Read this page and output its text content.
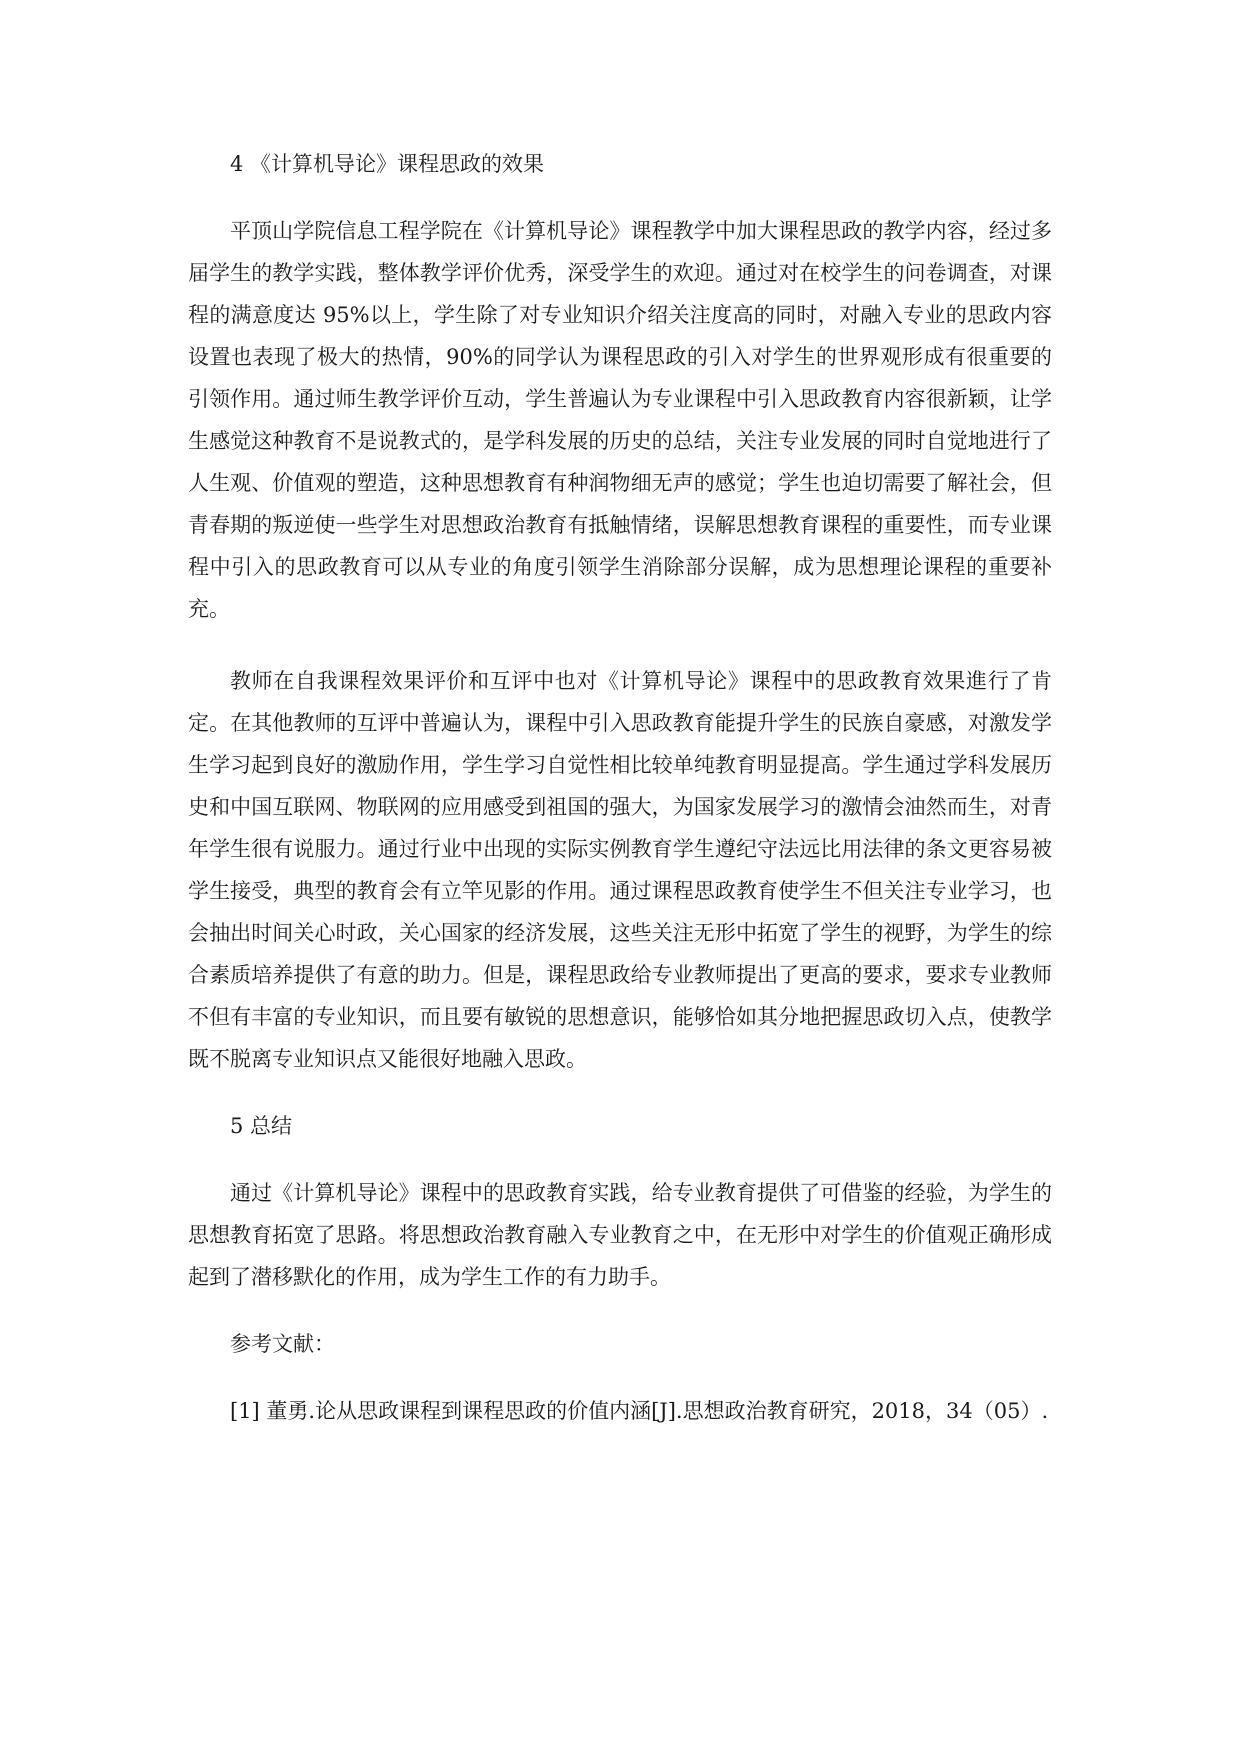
4 《计算机导论》课程思政的效果

平顶山学院信息工程学院在《计算机导论》课程教学中加大课程思政的教学内容，经过多届学生的教学实践，整体教学评价优秀，深受学生的欢迎。通过对在校学生的问卷调查，对课程的满意度达 95%以上，学生除了对专业知识介绍关注度高的同时，对融入专业的思政内容设置也表现了极大的热情，90%的同学认为课程思政的引入对学生的世界观形成有很重要的引领作用。通过师生教学评价互动，学生普遍认为专业课程中引入思政教育内容很新颖，让学生感觉这种教育不是说教式的，是学科发展的历史的总结，关注专业发展的同时自觉地进行了人生观、价值观的塑造，这种思想教育有种润物细无声的感觉；学生也迫切需要了解社会，但青春期的叛逆使一些学生对思想政治教育有抵触情绪，误解思想教育课程的重要性，而专业课程中引入的思政教育可以从专业的角度引领学生消除部分误解，成为思想理论课程的重要补充。

教师在自我课程效果评价和互评中也对《计算机导论》课程中的思政教育效果進行了肯定。在其他教师的互评中普遍认为，课程中引入思政教育能提升学生的民族自豪感，对激发学生学习起到良好的激励作用，学生学习自觉性相比较单纯教育明显提高。学生通过学科发展历史和中国互联网、物联网的应用感受到祖国的强大，为国家发展学习的激情会油然而生，对青年学生很有说服力。通过行业中出现的实际实例教育学生遵纪守法远比用法律的条文更容易被学生接受，典型的教育会有立竿见影的作用。通过课程思政教育使学生不但关注专业学习，也会抽出时间关心时政，关心国家的经济发展，这些关注无形中拓宽了学生的视野，为学生的综合素质培养提供了有意的助力。但是，课程思政给专业教师提出了更高的要求，要求专业教师不但有丰富的专业知识，而且要有敏锐的思想意识，能够恰如其分地把握思政切入点，使教学既不脱离专业知识点又能很好地融入思政。

5 总结

通过《计算机导论》课程中的思政教育实践，给专业教育提供了可借鉴的经验，为学生的思想教育拓宽了思路。将思想政治教育融入专业教育之中，在无形中对学生的价值观正确形成起到了潜移默化的作用，成为学生工作的有力助手。

参考文献：

[1] 董勇.论从思政课程到课程思政的价值内涵[J].思想政治教育研究，2018，34（05）.
